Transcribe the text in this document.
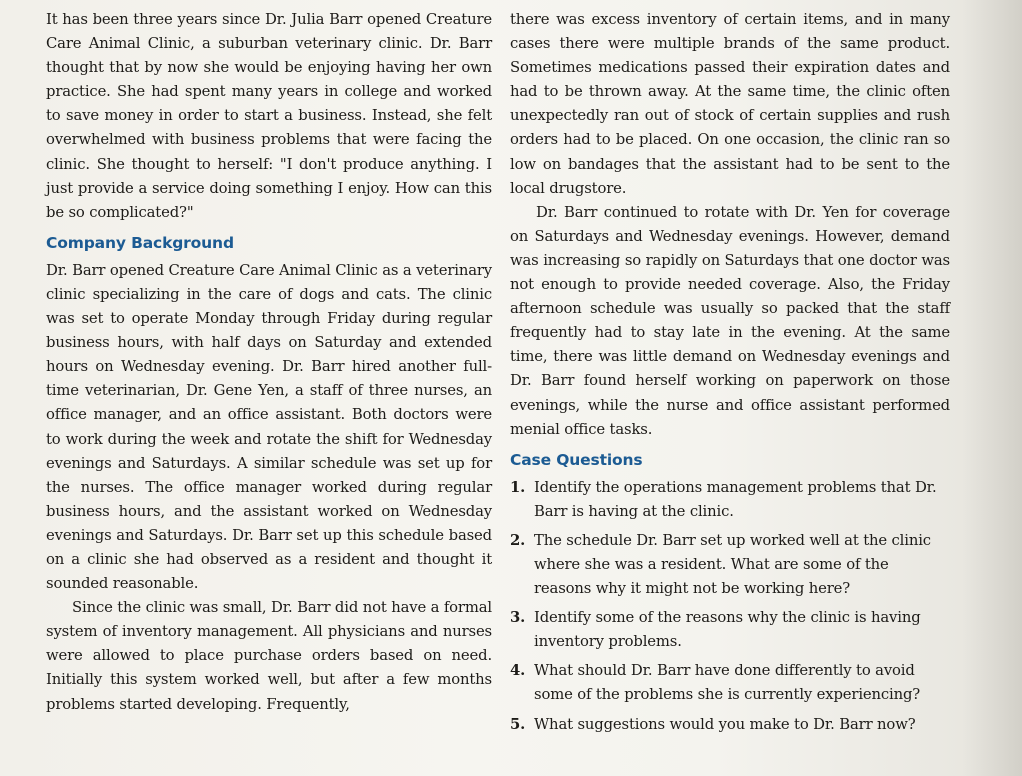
It has been three years since Dr. Julia Barr opened Creature Care Animal Clinic, a suburban veterinary clinic. Dr. Barr thought that by now she would be enjoying having her own practice. She had spent many years in college and worked to save money in order to start a business. Instead, she felt overwhelmed with business problems that were facing the clinic. She thought to herself: "I don't produce anything. I just provide a service doing something I enjoy. How can this be so complicated?"

Company Background

Dr. Barr opened Creature Care Animal Clinic as a veterinary clinic specializing in the care of dogs and cats. The clinic was set to operate Monday through Friday during regular business hours, with half days on Saturday and extended hours on Wednesday evening. Dr. Barr hired another full-time veterinarian, Dr. Gene Yen, a staff of three nurses, an office manager, and an office assistant. Both doctors were to work during the week and rotate the shift for Wednesday evenings and Saturdays. A similar schedule was set up for the nurses. The office manager worked during regular business hours, and the assistant worked on Wednesday evenings and Saturdays. Dr. Barr set up this schedule based on a clinic she had observed as a resident and thought it sounded reasonable.

Since the clinic was small, Dr. Barr did not have a formal system of inventory management. All physicians and nurses were allowed to place purchase orders based on need. Initially this system worked well, but after a few months problems started developing. Frequently,

there was excess inventory of certain items, and in many cases there were multiple brands of the same product. Sometimes medications passed their expiration dates and had to be thrown away. At the same time, the clinic often unexpectedly ran out of stock of certain supplies and rush orders had to be placed. On one occasion, the clinic ran so low on bandages that the assistant had to be sent to the local drugstore.

Dr. Barr continued to rotate with Dr. Yen for coverage on Saturdays and Wednesday evenings. However, demand was increasing so rapidly on Saturdays that one doctor was not enough to provide needed coverage. Also, the Friday afternoon schedule was usually so packed that the staff frequently had to stay late in the evening. At the same time, there was little demand on Wednesday evenings and Dr. Barr found herself working on paperwork on those evenings, while the nurse and office assistant performed menial office tasks.

Case Questions
1. Identify the operations management problems that Dr. Barr is having at the clinic.
2. The schedule Dr. Barr set up worked well at the clinic where she was a resident. What are some of the reasons why it might not be working here?
3. Identify some of the reasons why the clinic is having inventory problems.
4. What should Dr. Barr have done differently to avoid some of the problems she is currently experiencing?
5. What suggestions would you make to Dr. Barr now?
